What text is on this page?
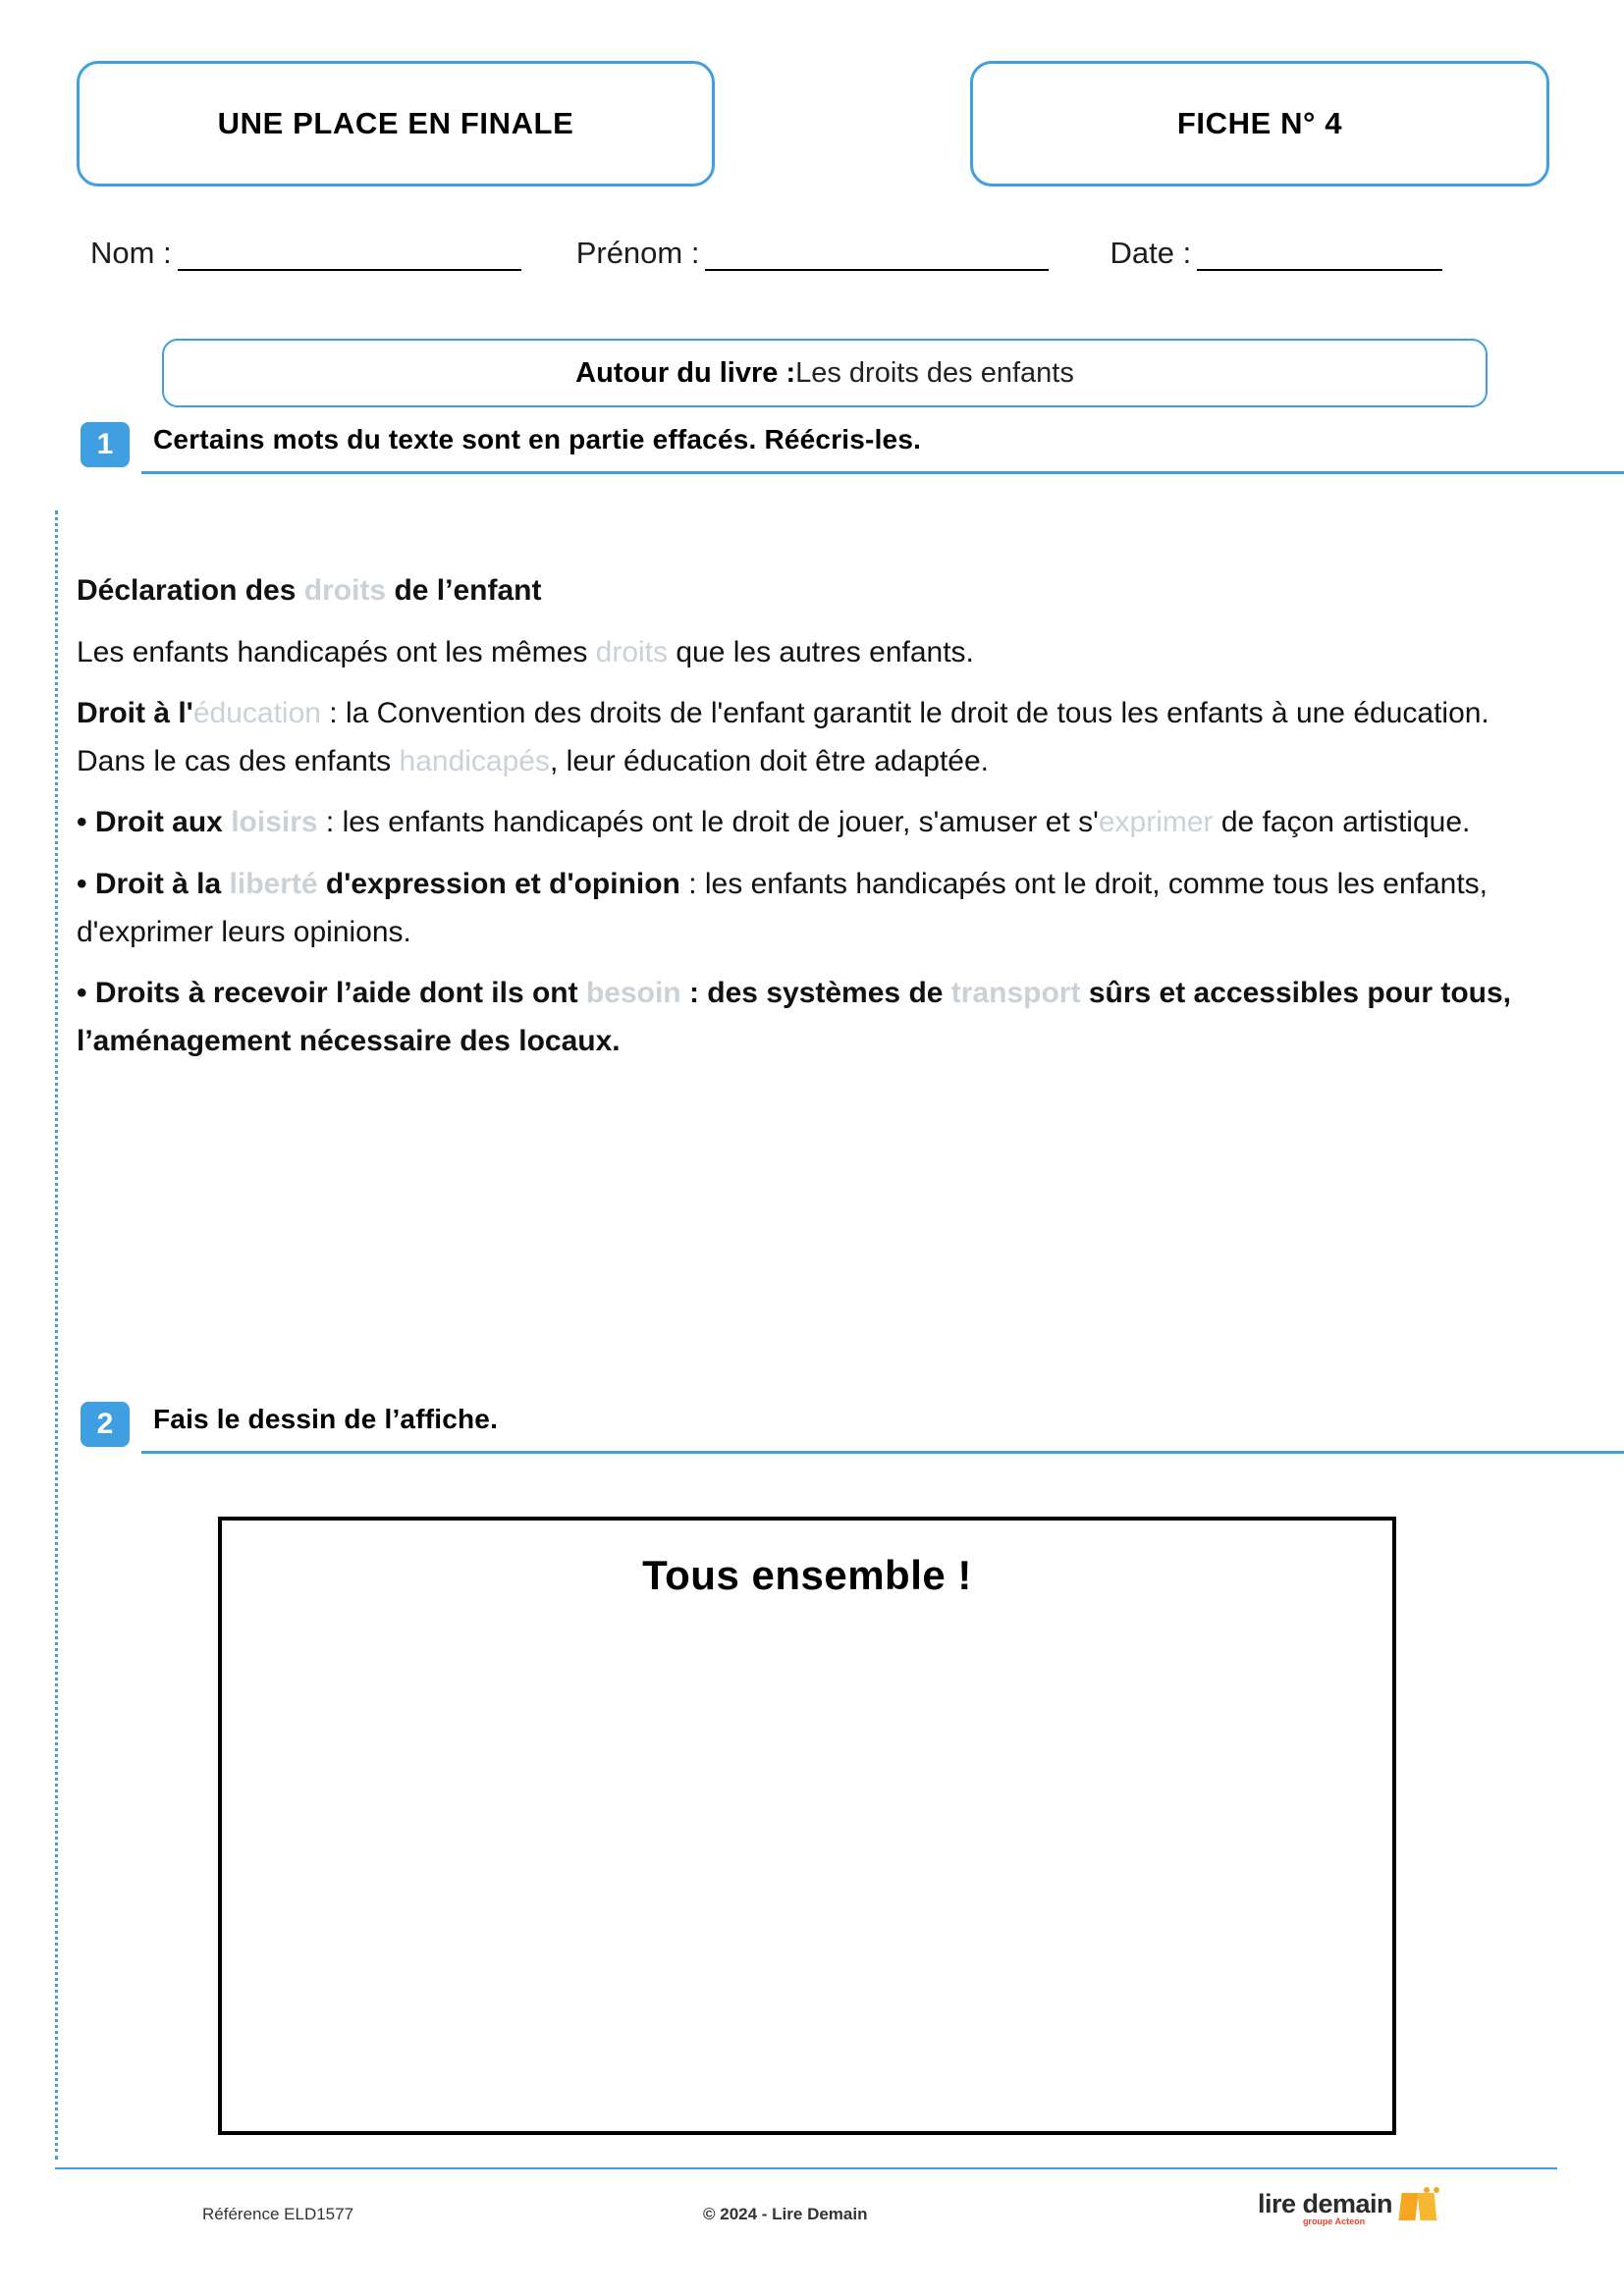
UNE PLACE EN FINALE	FICHE N° 4
Nom :	Prénom :	Date :
Autour du livre : Les droits des enfants
1	Certains mots du texte sont en partie effacés. Réécris-les.

Déclaration des droits de l’enfant

Les enfants handicapés ont les mêmes droits que les autres enfants.

Droit à l'éducation : la Convention des droits de l'enfant garantit le droit de tous les enfants à une éducation. Dans le cas des enfants handicapés, leur éducation doit être adaptée.

• Droit aux loisirs : les enfants handicapés ont le droit de jouer, s'amuser et s'exprimer de façon artistique.

• Droit à la liberté d'expression et d'opinion : les enfants handicapés ont le droit, comme tous les enfants, d'exprimer leurs opinions.

• Droits à recevoir l’aide dont ils ont besoin : des systèmes de transport sûrs et accessibles pour tous, l’aménagement nécessaire des locaux.

2	Fais le dessin de l’affiche.
Tous ensemble !
Référence ELD1577	© 2024 - Lire Demain	lire demain
groupe Acteon
